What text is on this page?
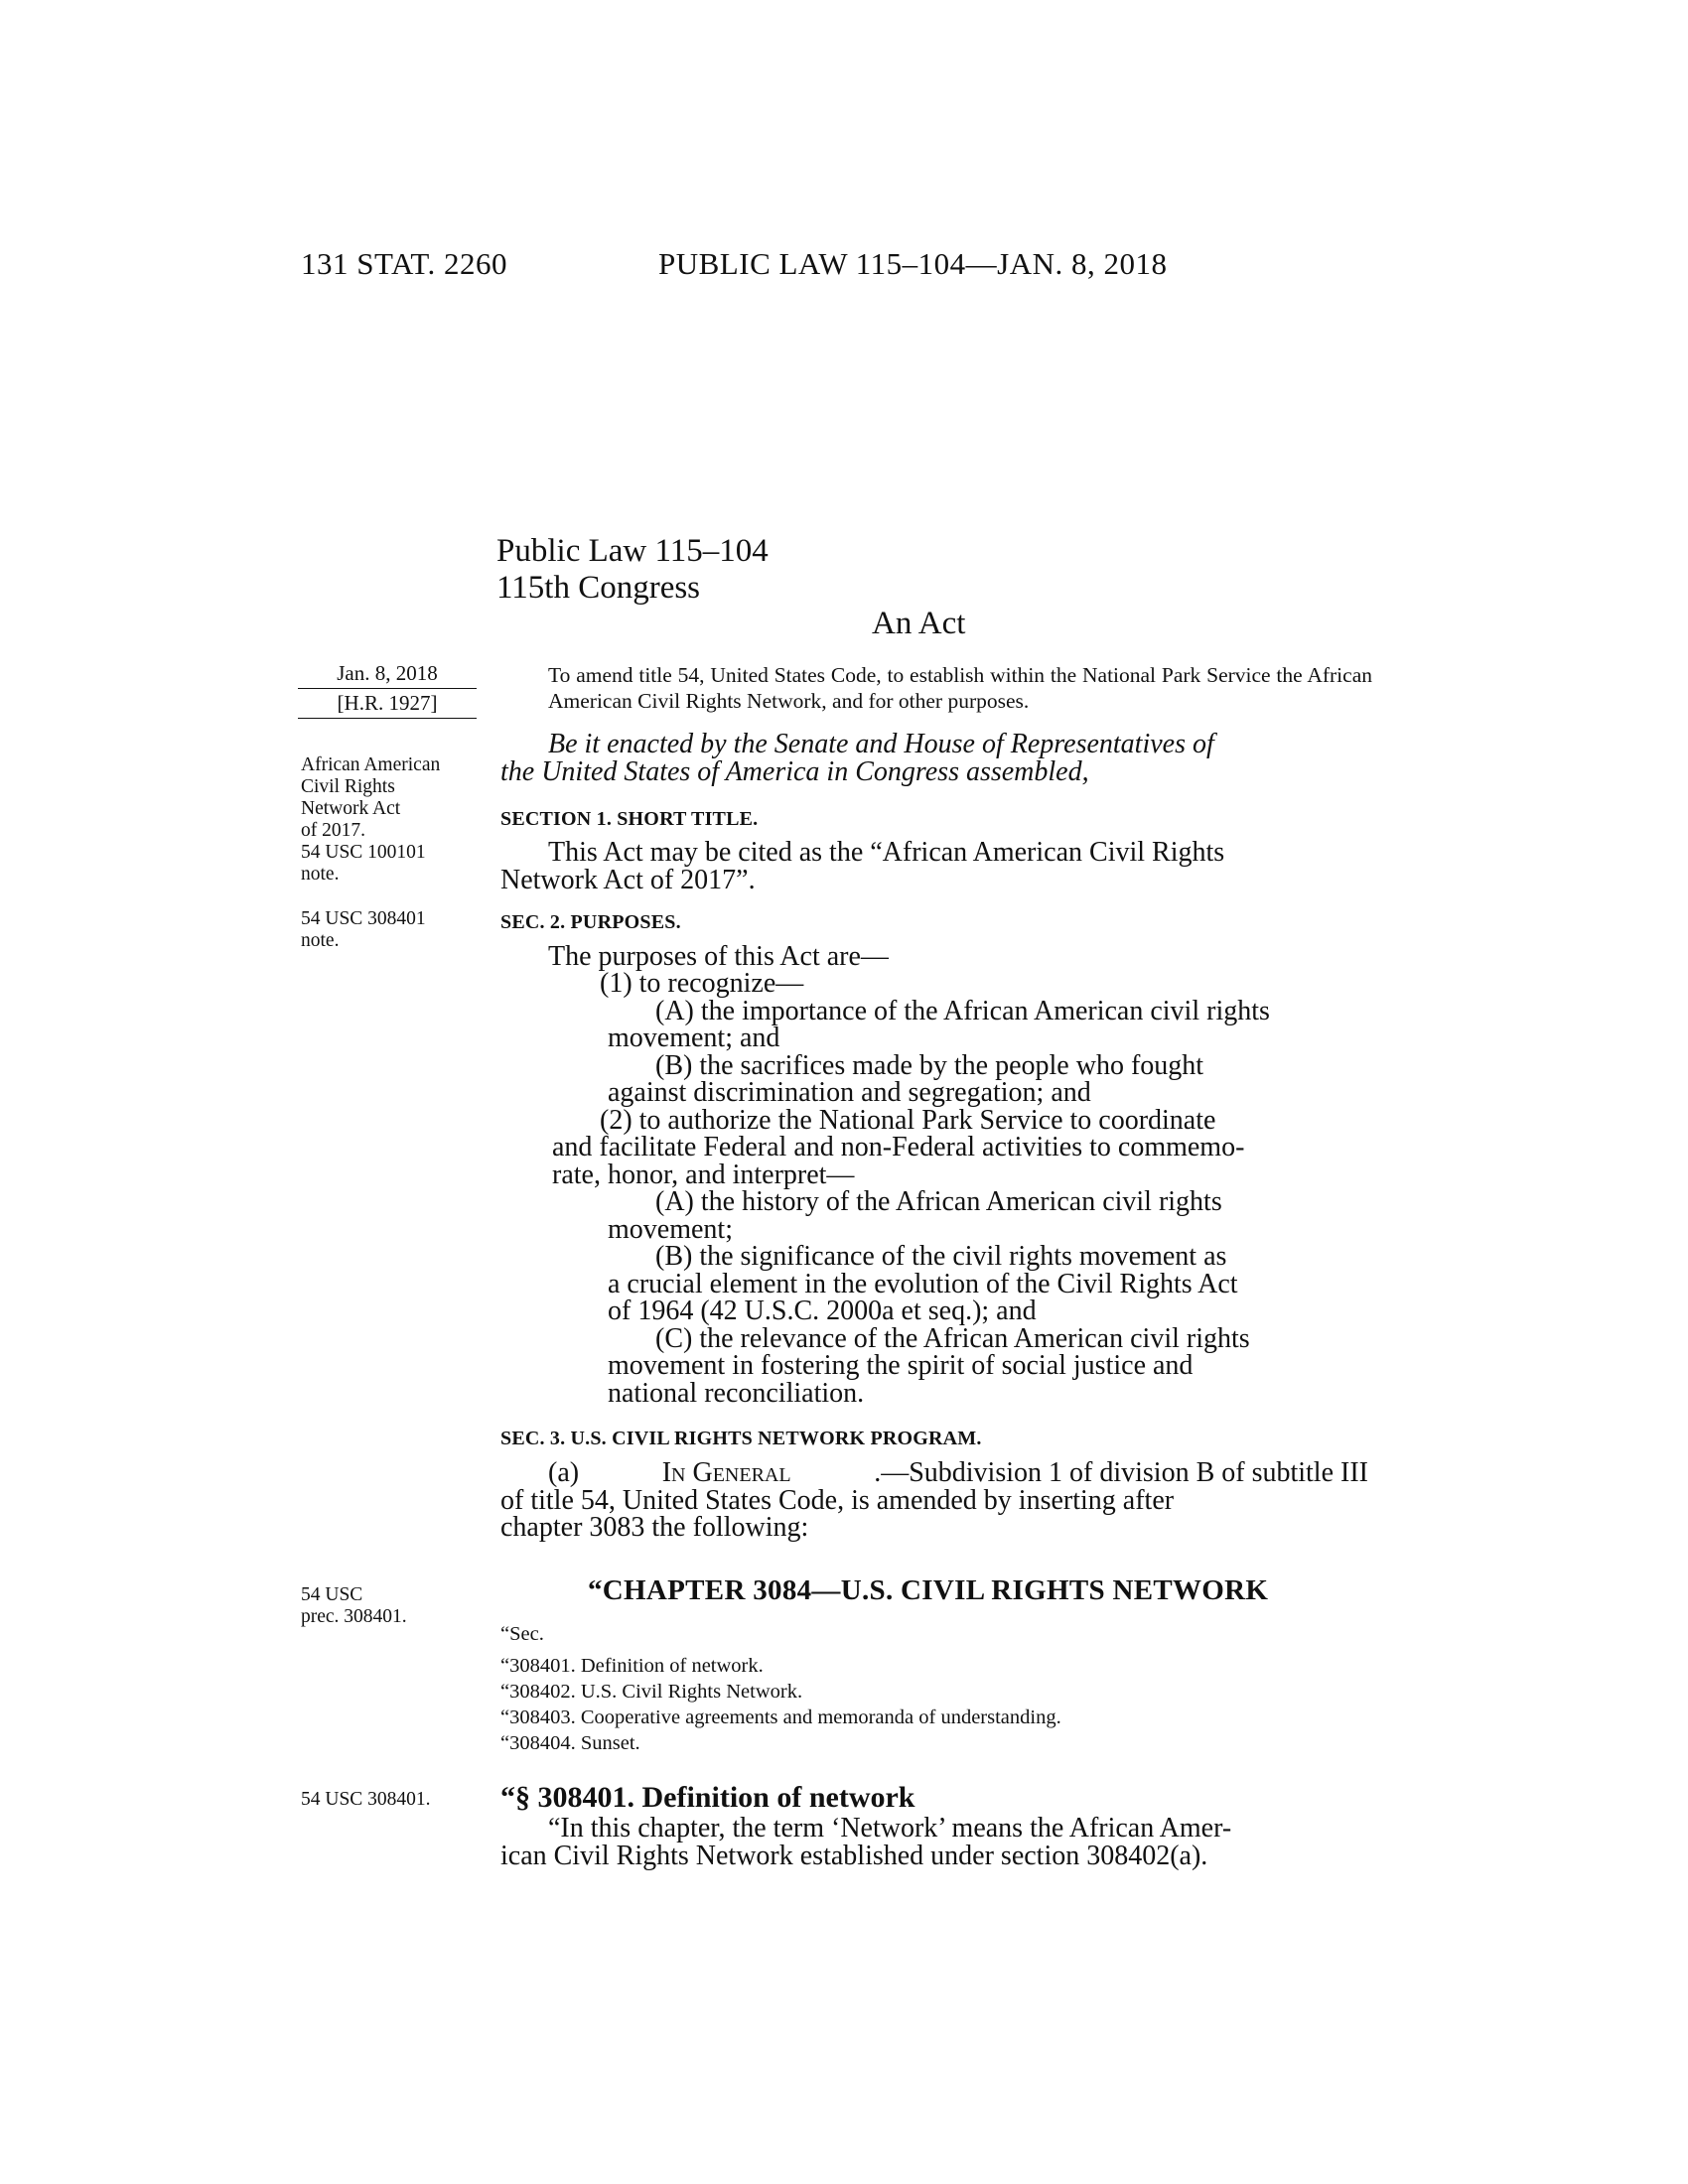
131 STAT. 2260	PUBLIC LAW 115–104—JAN. 8, 2018
Public Law 115–104
115th Congress
An Act
Jan. 8, 2018
[H.R. 1927]
To amend title 54, United States Code, to establish within the National Park Service the African American Civil Rights Network, and for other purposes.
Be it enacted by the Senate and House of Representatives of
the United States of America in Congress assembled,
African American
Civil Rights
Network Act
of 2017.
54 USC 100101
note.
SECTION 1. SHORT TITLE.
This Act may be cited as the “African American Civil Rights
Network Act of 2017”.
54 USC 308401
note.
SEC. 2. PURPOSES.
The purposes of this Act are—
(1) to recognize—
(A) the importance of the African American civil rights
movement; and
(B) the sacrifices made by the people who fought
against discrimination and segregation; and
(2) to authorize the National Park Service to coordinate
and facilitate Federal and non-Federal activities to commemo-
rate, honor, and interpret—
(A) the history of the African American civil rights
movement;
(B) the significance of the civil rights movement as
a crucial element in the evolution of the Civil Rights Act
of 1964 (42 U.S.C. 2000a et seq.); and
(C) the relevance of the African American civil rights
movement in fostering the spirit of social justice and
national reconciliation.
SEC. 3. U.S. CIVIL RIGHTS NETWORK PROGRAM.
(a)	In General	.—Subdivision 1 of division B of subtitle III
of title 54, United States Code, is amended by inserting after
chapter 3083 the following:
54 USC
prec. 308401.
“CHAPTER 3084—U.S. CIVIL RIGHTS NETWORK
“Sec.
“308401. Definition of network.
“308402. U.S. Civil Rights Network.
“308403. Cooperative agreements and memoranda of understanding.
“308404. Sunset.
54 USC 308401.	“§ 308401. Definition of network
“In this chapter, the term ‘Network’ means the African Amer-
ican Civil Rights Network established under section 308402(a).
